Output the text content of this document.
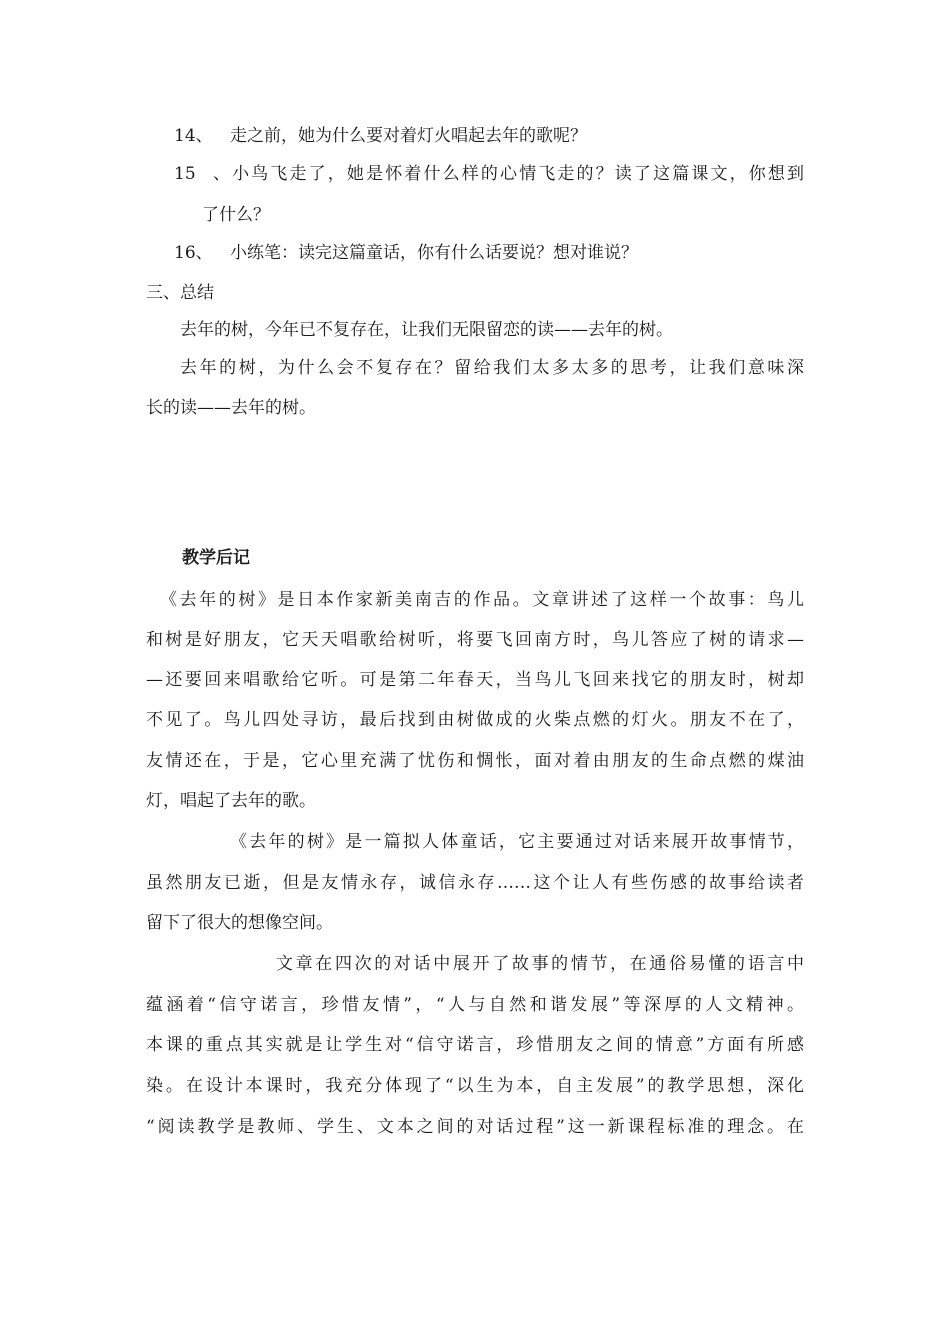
14、 走之前，她为什么要对着灯火唱起去年的歌呢？
15、小鸟飞走了，她是怀着什么样的心情飞走的？读了这篇课文，你想到
了什么？
16、 小练笔：读完这篇童话，你有什么话要说？想对谁说？
三、总结
去年的树，今年已不复存在，让我们无限留恋的读——去年的树。
去年的树，为什么会不复存在？留给我们太多太多的思考，让我们意味深
长的读——去年的树。
教学后记
《去年的树》是日本作家新美南吉的作品。文章讲述了这样一个故事：鸟儿
和树是好朋友，它天天唱歌给树听，将要飞回南方时，鸟儿答应了树的请求—
—还要回来唱歌给它听。可是第二年春天，当鸟儿飞回来找它的朋友时，树却
不见了。鸟儿四处寻访，最后找到由树做成的火柴点燃的灯火。朋友不在了，
友情还在，于是，它心里充满了忧伤和惆怅，面对着由朋友的生命点燃的煤油
灯，唱起了去年的歌。
《去年的树》是一篇拟人体童话，它主要通过对话来展开故事情节，
虽然朋友已逝，但是友情永存，诚信永存……这个让人有些伤感的故事给读者
留下了很大的想像空间。
文章在四次的对话中展开了故事的情节，在通俗易懂的语言中
蕴涵着“信守诺言，珍惜友情”，“人与自然和谐发展”等深厚的人文精神。
本课的重点其实就是让学生对“信守诺言，珍惜朋友之间的情意”方面有所感
染。在设计本课时，我充分体现了“以生为本，自主发展”的教学思想，深化
“阅读教学是教师、学生、文本之间的对话过程”这一新课程标准的理念。在
